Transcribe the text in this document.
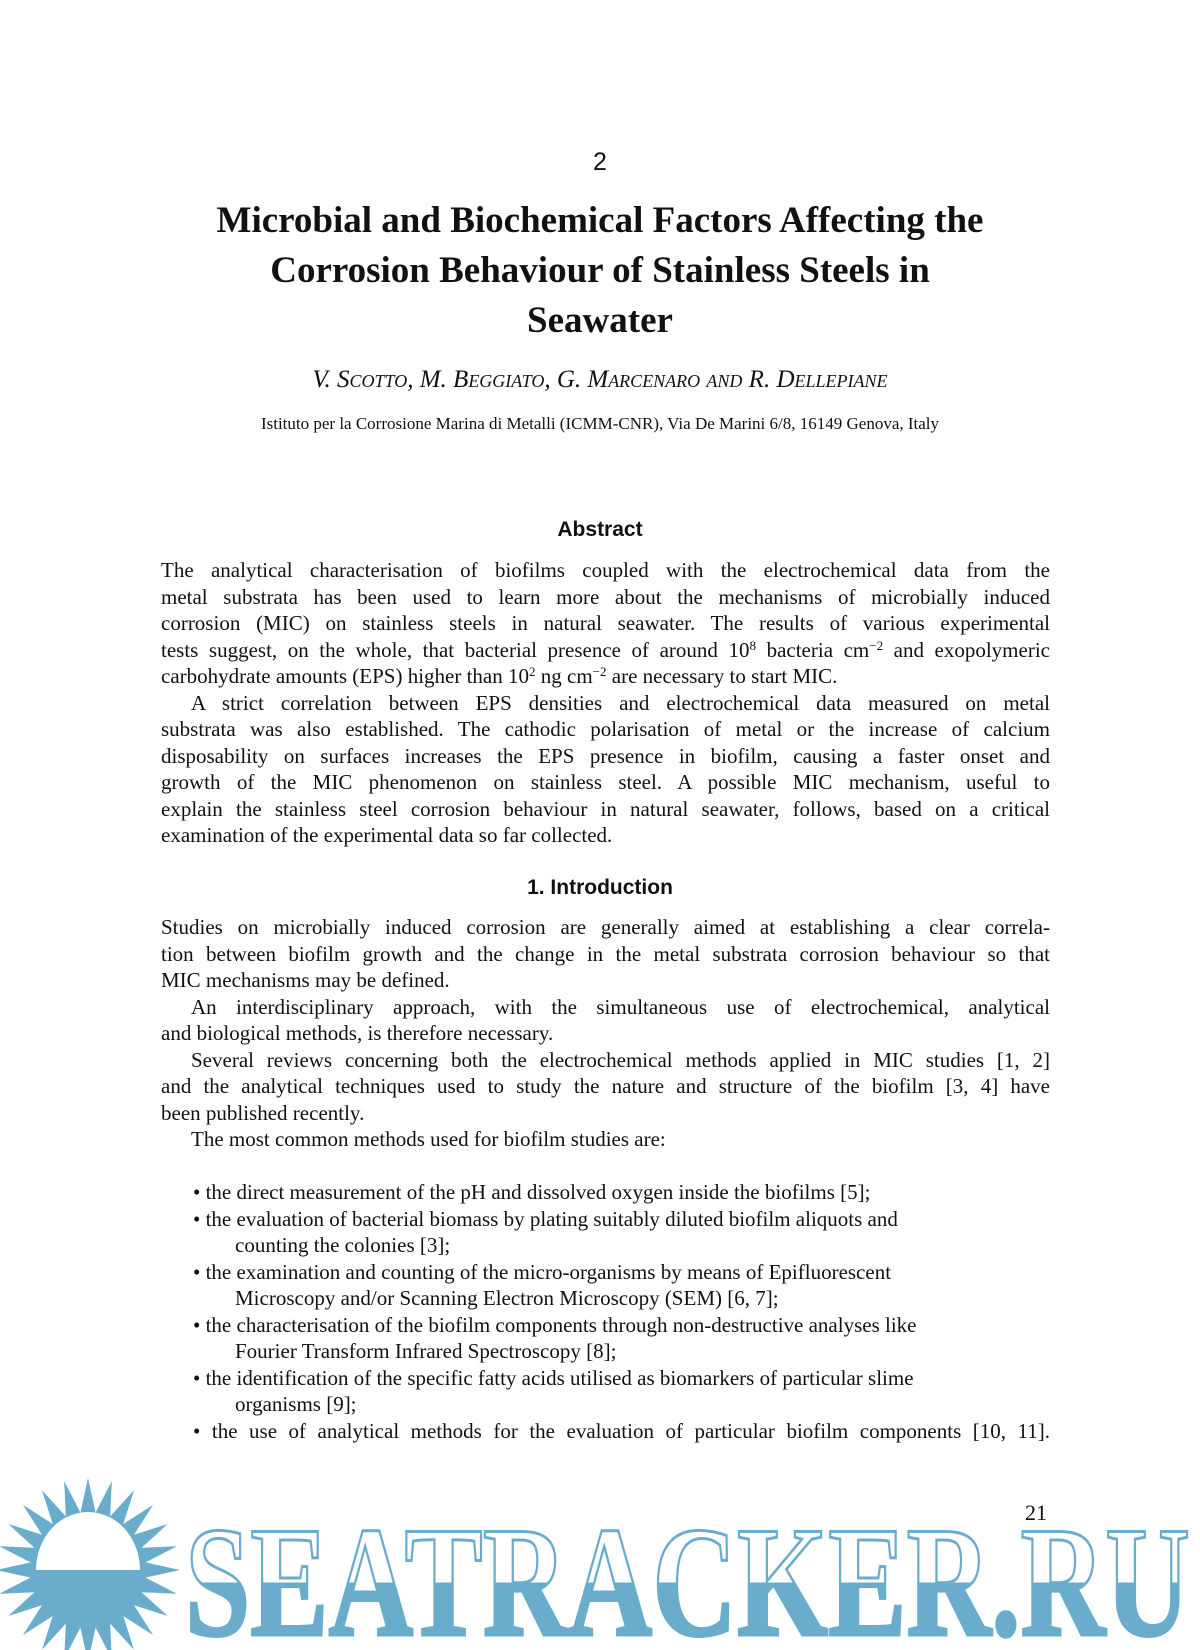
2
Microbial and Biochemical Factors Affecting the
Corrosion Behaviour of Stainless Steels in
Seawater
V. Scotto, M. Beggiato, G. Marcenaro and R. Dellepiane
Istituto per la Corrosione Marina di Metalli (ICMM-CNR), Via De Marini 6/8, 16149 Genova, Italy
Abstract
The analytical characterisation of biofilms coupled with the electrochemical data from the
metal substrata has been used to learn more about the mechanisms of microbially induced
corrosion (MIC) on stainless steels in natural seawater. The results of various experimental
tests suggest, on the whole, that bacterial presence of around $10^8$ bacteria $cm^{-2}$ and exopolymeric
carbohydrate amounts (EPS) higher than $10^2$ ng $cm^{-2}$ are necessary to start MIC.
A strict correlation between EPS densities and electrochemical data measured on metal
substrata was also established. The cathodic polarisation of metal or the increase of calcium
disposability on surfaces increases the EPS presence in biofilm, causing a faster onset and
growth of the MIC phenomenon on stainless steel. A possible MIC mechanism, useful to
explain the stainless steel corrosion behaviour in natural seawater, follows, based on a critical
examination of the experimental data so far collected.
1. Introduction
Studies on microbially induced corrosion are generally aimed at establishing a clear correla-
tion between biofilm growth and the change in the metal substrata corrosion behaviour so that
MIC mechanisms may be defined.
An interdisciplinary approach, with the simultaneous use of electrochemical, analytical
and biological methods, is therefore necessary.
Several reviews concerning both the electrochemical methods applied in MIC studies [1, 2]
and the analytical techniques used to study the nature and structure of the biofilm [3, 4] have
been published recently.
The most common methods used for biofilm studies are:
• the direct measurement of the pH and dissolved oxygen inside the biofilms [5];
• the evaluation of bacterial biomass by plating suitably diluted biofilm aliquots and
counting the colonies [3];
• the examination and counting of the micro-organisms by means of Epifluorescent
Microscopy and/or Scanning Electron Microscopy (SEM) [6, 7];
• the characterisation of the biofilm components through non-destructive analyses like
Fourier Transform Infrared Spectroscopy [8];
• the identification of the specific fatty acids utilised as biomarkers of particular slime
organisms [9];
• the use of analytical methods for the evaluation of particular biofilm components [10, 11].
SEATRACKER.RU
21
